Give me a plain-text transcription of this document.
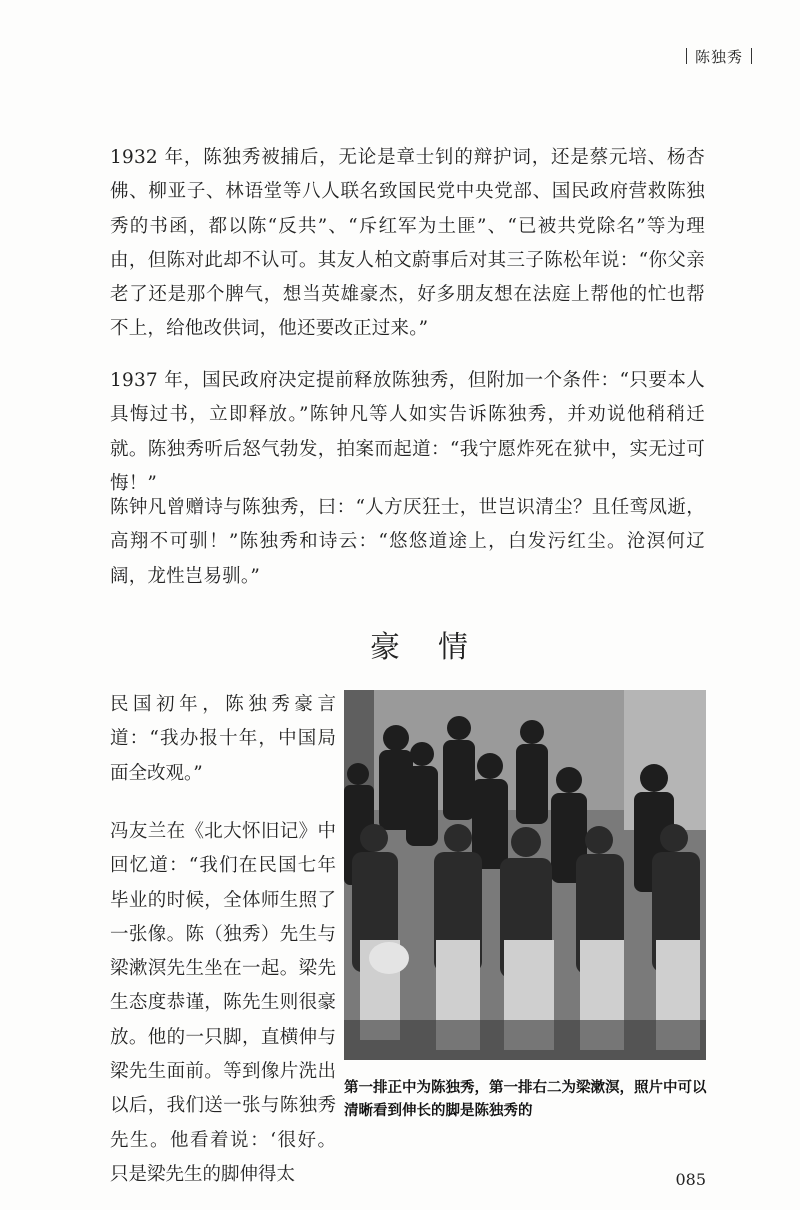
陈独秀
1932 年，陈独秀被捕后，无论是章士钊的辩护词，还是蔡元培、杨杏佛、柳亚子、林语堂等八人联名致国民党中央党部、国民政府营救陈独秀的书函，都以陈“反共”、“斥红军为土匪”、“已被共党除名”等为理由，但陈对此却不认可。其友人柏文蔚事后对其三子陈松年说：“你父亲老了还是那个脾气，想当英雄豪杰，好多朋友想在法庭上帮他的忙也帮不上，给他改供词，他还要改正过来。”
1937 年，国民政府决定提前释放陈独秀，但附加一个条件：“只要本人具悔过书，立即释放。”陈钟凡等人如实告诉陈独秀，并劝说他稍稍迁就。陈独秀听后怒气勃发，拍案而起道：“我宁愿炸死在狱中，实无过可悔！”
陈钟凡曾赠诗与陈独秀，曰：“人方厌狂士，世岂识清尘？且任鸾凤逝，高翔不可驯！”陈独秀和诗云：“悠悠道途上，白发污红尘。沧溟何辽阔，龙性岂易驯。”
豪情
民国初年，陈独秀豪言道：“我办报十年，中国局面全改观。”
冯友兰在《北大怀旧记》中回忆道：“我们在民国七年毕业的时候，全体师生照了一张像。陈（独秀）先生与梁漱溟先生坐在一起。梁先生态度恭谨，陈先生则很豪放。他的一只脚，直横伸与梁先生面前。等到像片洗出以后，我们送一张与陈独秀先生。他看着说：‘很好。只是梁先生的脚伸得太
第一排正中为陈独秀，第一排右二为梁漱溟，照片中可以清晰看到伸长的脚是陈独秀的
085
